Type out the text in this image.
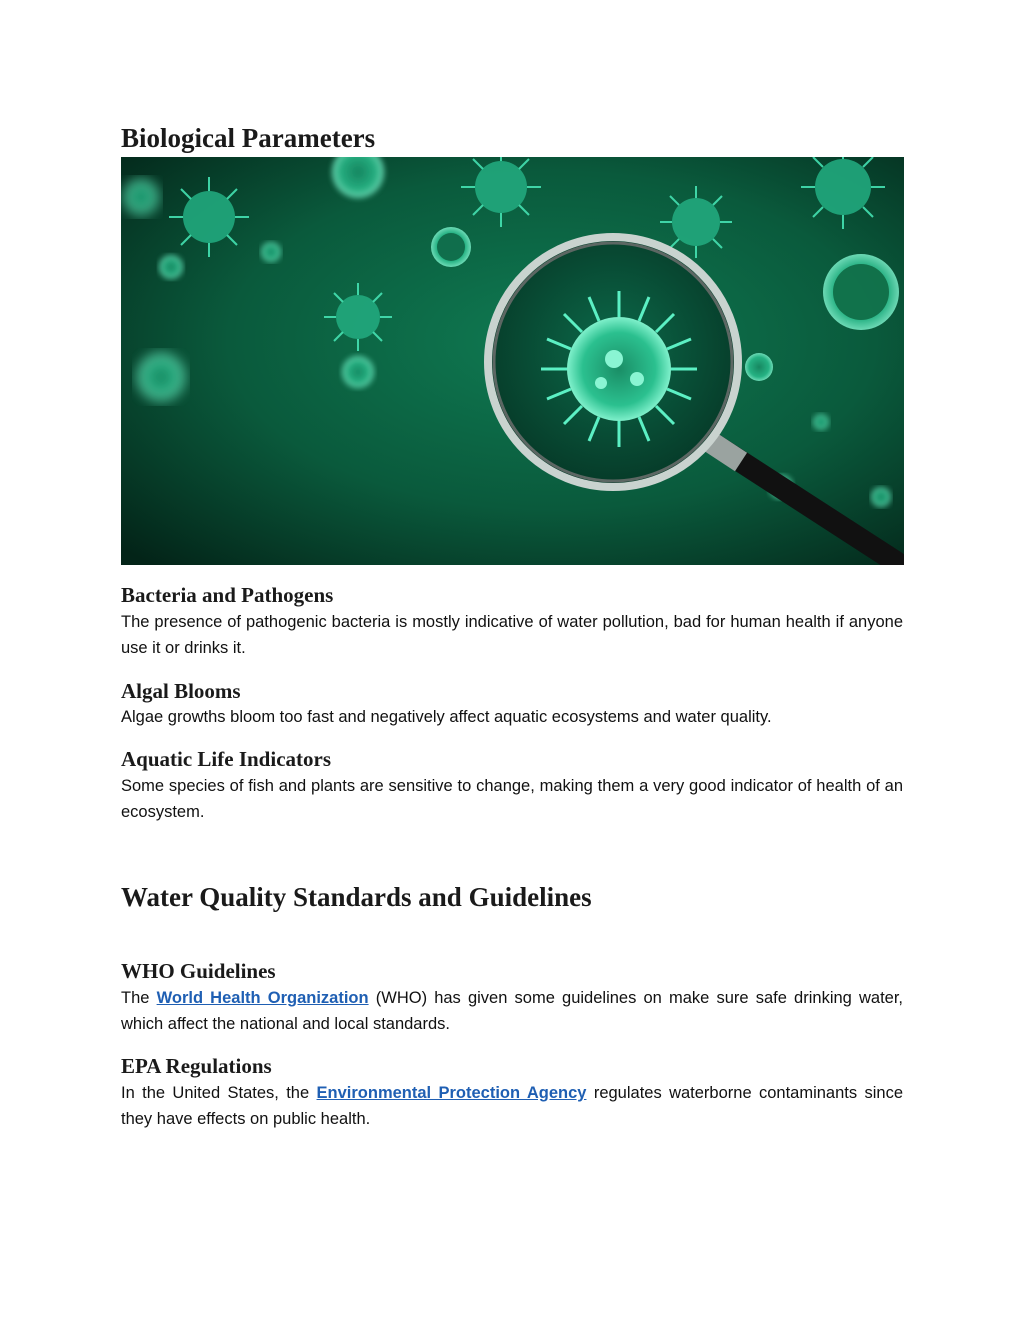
Biological Parameters
Bacteria and Pathogens

The presence of pathogenic bacteria is mostly indicative of water pollution, bad for human health if anyone use it or drinks it.

Algal Blooms

Algae growths bloom too fast and negatively affect aquatic ecosystems and water quality.

Aquatic Life Indicators

Some species of fish and plants are sensitive to change, making them a very good indicator of health of an ecosystem.

Water Quality Standards and Guidelines
WHO Guidelines

The World Health Organization (WHO) has given some guidelines on make sure safe drinking water, which affect the national and local standards.

EPA Regulations

In the United States, the Environmental Protection Agency regulates waterborne contaminants since they have effects on public health.
